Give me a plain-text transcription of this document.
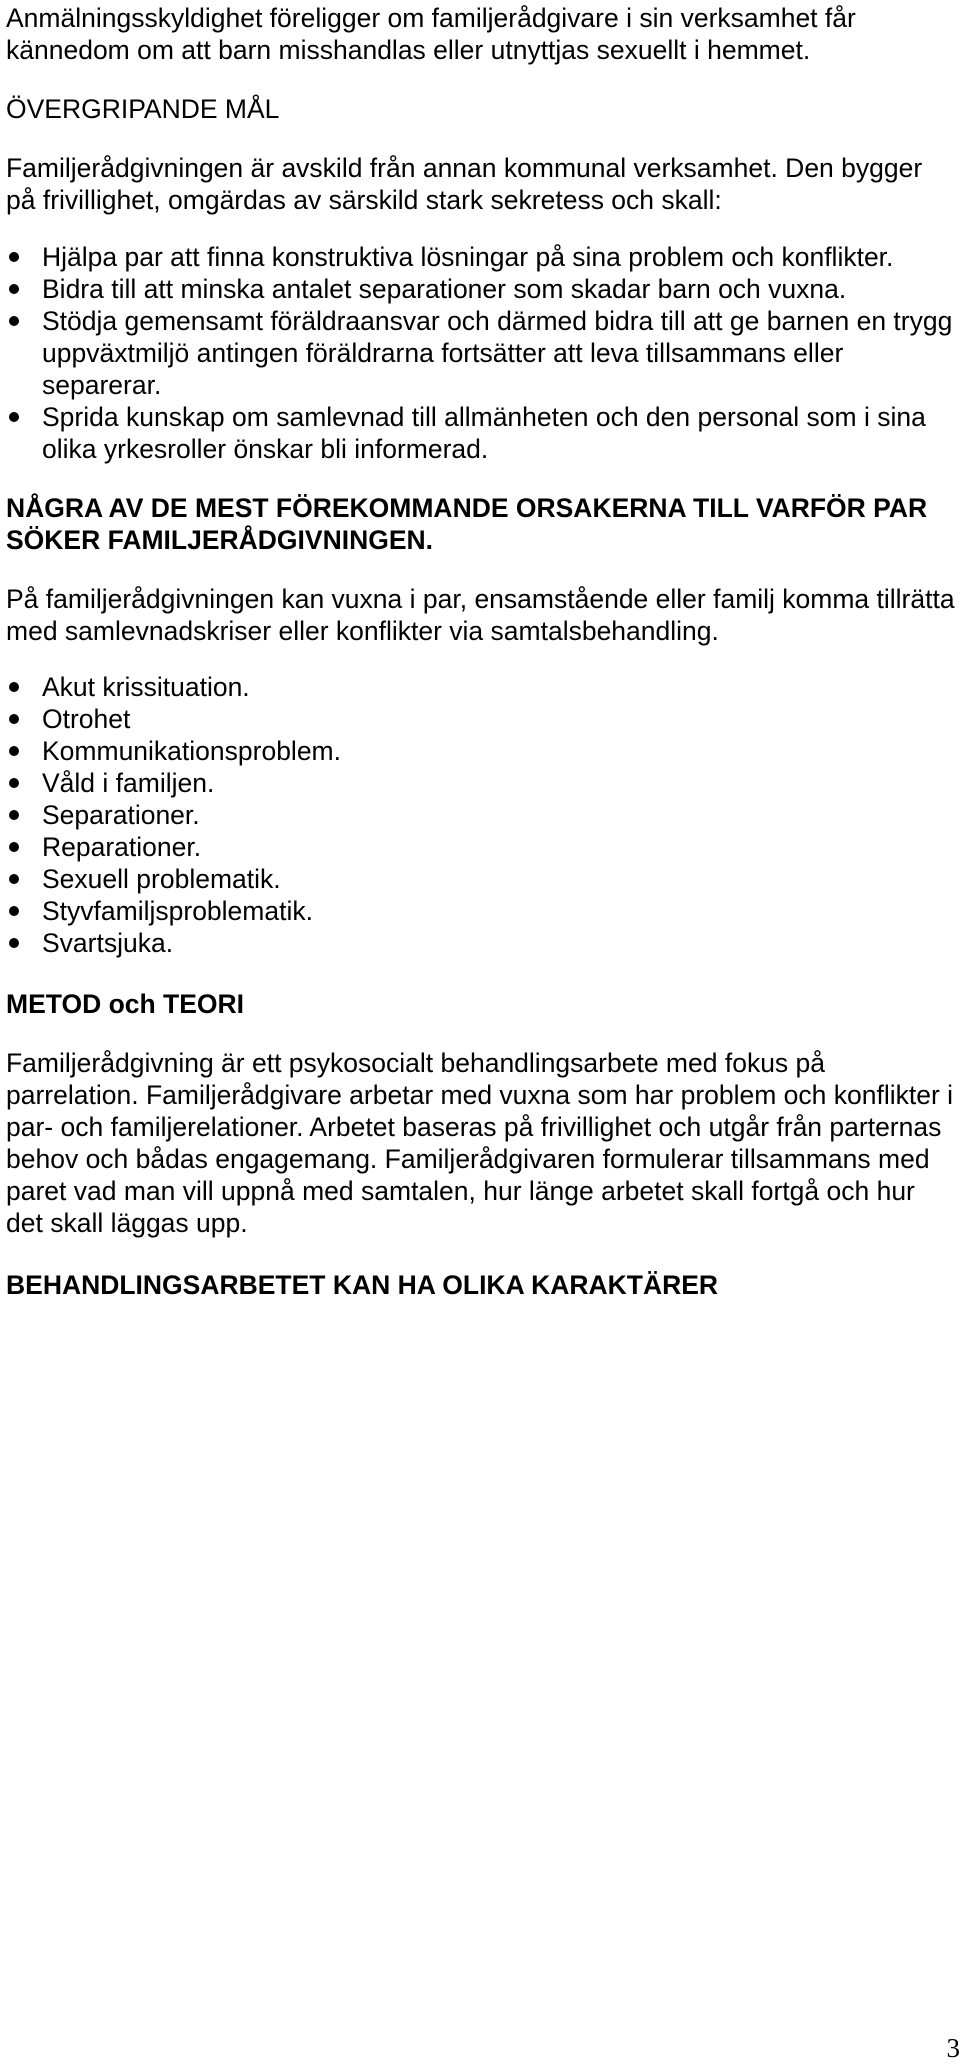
Anmälningsskyldighet föreligger om familjerådgivare i sin verksamhet får kännedom om att barn misshandlas eller utnyttjas sexuellt i hemmet.

ÖVERGRIPANDE MÅL

Familjerådgivningen är avskild från annan kommunal verksamhet. Den bygger på frivillighet, omgärdas av särskild stark sekretess och skall:

Hjälpa par att finna konstruktiva lösningar på sina problem och konflikter.
Bidra till att minska antalet separationer som skadar barn och vuxna.
Stödja gemensamt föräldraansvar och därmed bidra till att ge barnen en trygg uppväxtmiljö antingen föräldrarna fortsätter att leva tillsammans eller separerar.
Sprida kunskap om samlevnad till allmänheten och den personal som i sina olika yrkesroller önskar bli informerad.
NÅGRA AV DE MEST FÖREKOMMANDE ORSAKERNA TILL VARFÖR PAR SÖKER FAMILJERÅDGIVNINGEN.

På familjerådgivningen kan vuxna i par, ensamstående eller familj komma tillrätta med samlevnadskriser eller konflikter via samtalsbehandling.

Akut krissituation.
Otrohet
Kommunikationsproblem.
Våld i familjen.
Separationer.
Reparationer.
Sexuell problematik.
Styvfamiljsproblematik.
Svartsjuka.
METOD och TEORI

Familjerådgivning är ett psykosocialt behandlingsarbete med fokus på parrelation. Familjerådgivare arbetar med vuxna som har problem och konflikter i par- och familjerelationer. Arbetet baseras på frivillighet och utgår från parternas behov och bådas engagemang. Familjerådgivaren formulerar tillsammans med paret vad man vill uppnå med samtalen, hur länge arbetet skall fortgå och hur det skall läggas upp.

BEHANDLINGSARBETET KAN HA OLIKA KARAKTÄRER
3
